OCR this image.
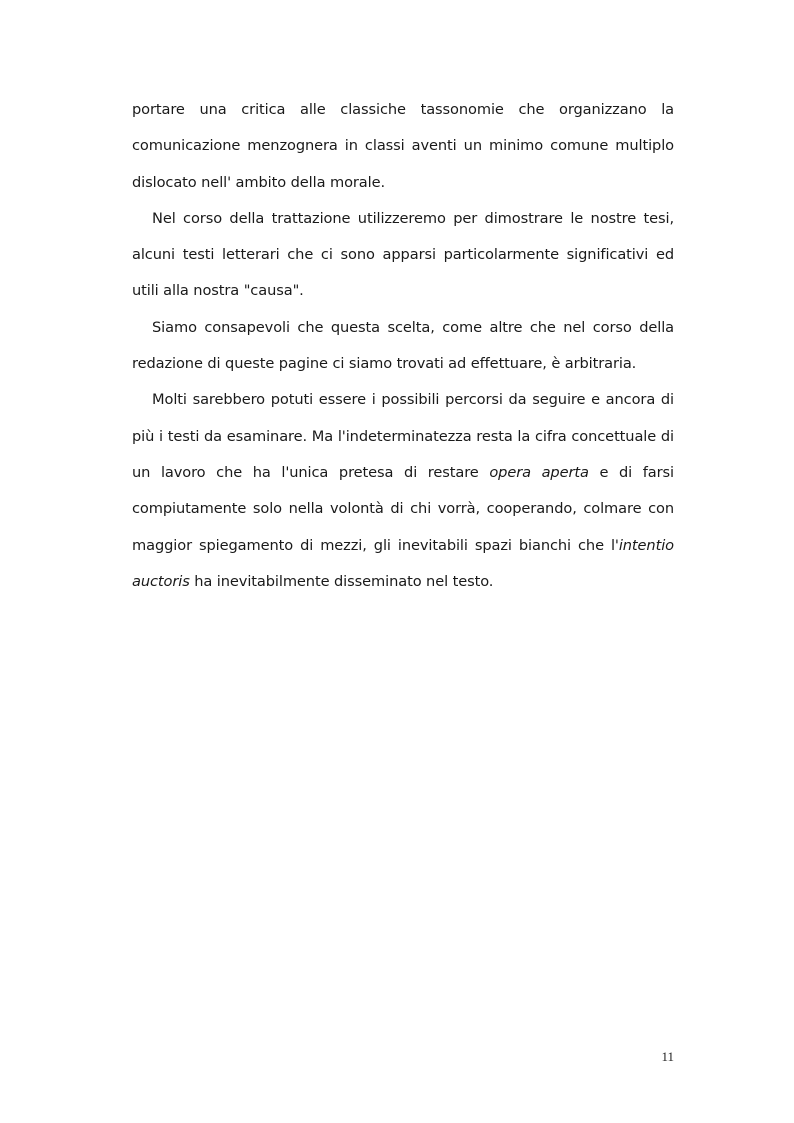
portare una critica alle classiche tassonomie che organizzano la comunicazione menzognera in classi aventi un minimo comune multiplo dislocato nell' ambito della morale.

Nel corso della trattazione utilizzeremo per dimostrare le nostre tesi, alcuni testi letterari che ci sono apparsi particolarmente significativi ed utili alla nostra "causa".

Siamo consapevoli che questa scelta, come altre che nel corso della redazione di queste pagine ci siamo trovati ad effettuare, è arbitraria.

Molti sarebbero potuti essere i possibili percorsi da seguire e ancora di più i testi da esaminare. Ma l'indeterminatezza resta la cifra concettuale di un lavoro che ha l'unica pretesa di restare opera aperta e di farsi compiutamente solo nella volontà di chi vorrà, cooperando, colmare con maggior spiegamento di mezzi, gli inevitabili spazi bianchi che l'intentio auctoris ha inevitabilmente disseminato nel testo.

11
